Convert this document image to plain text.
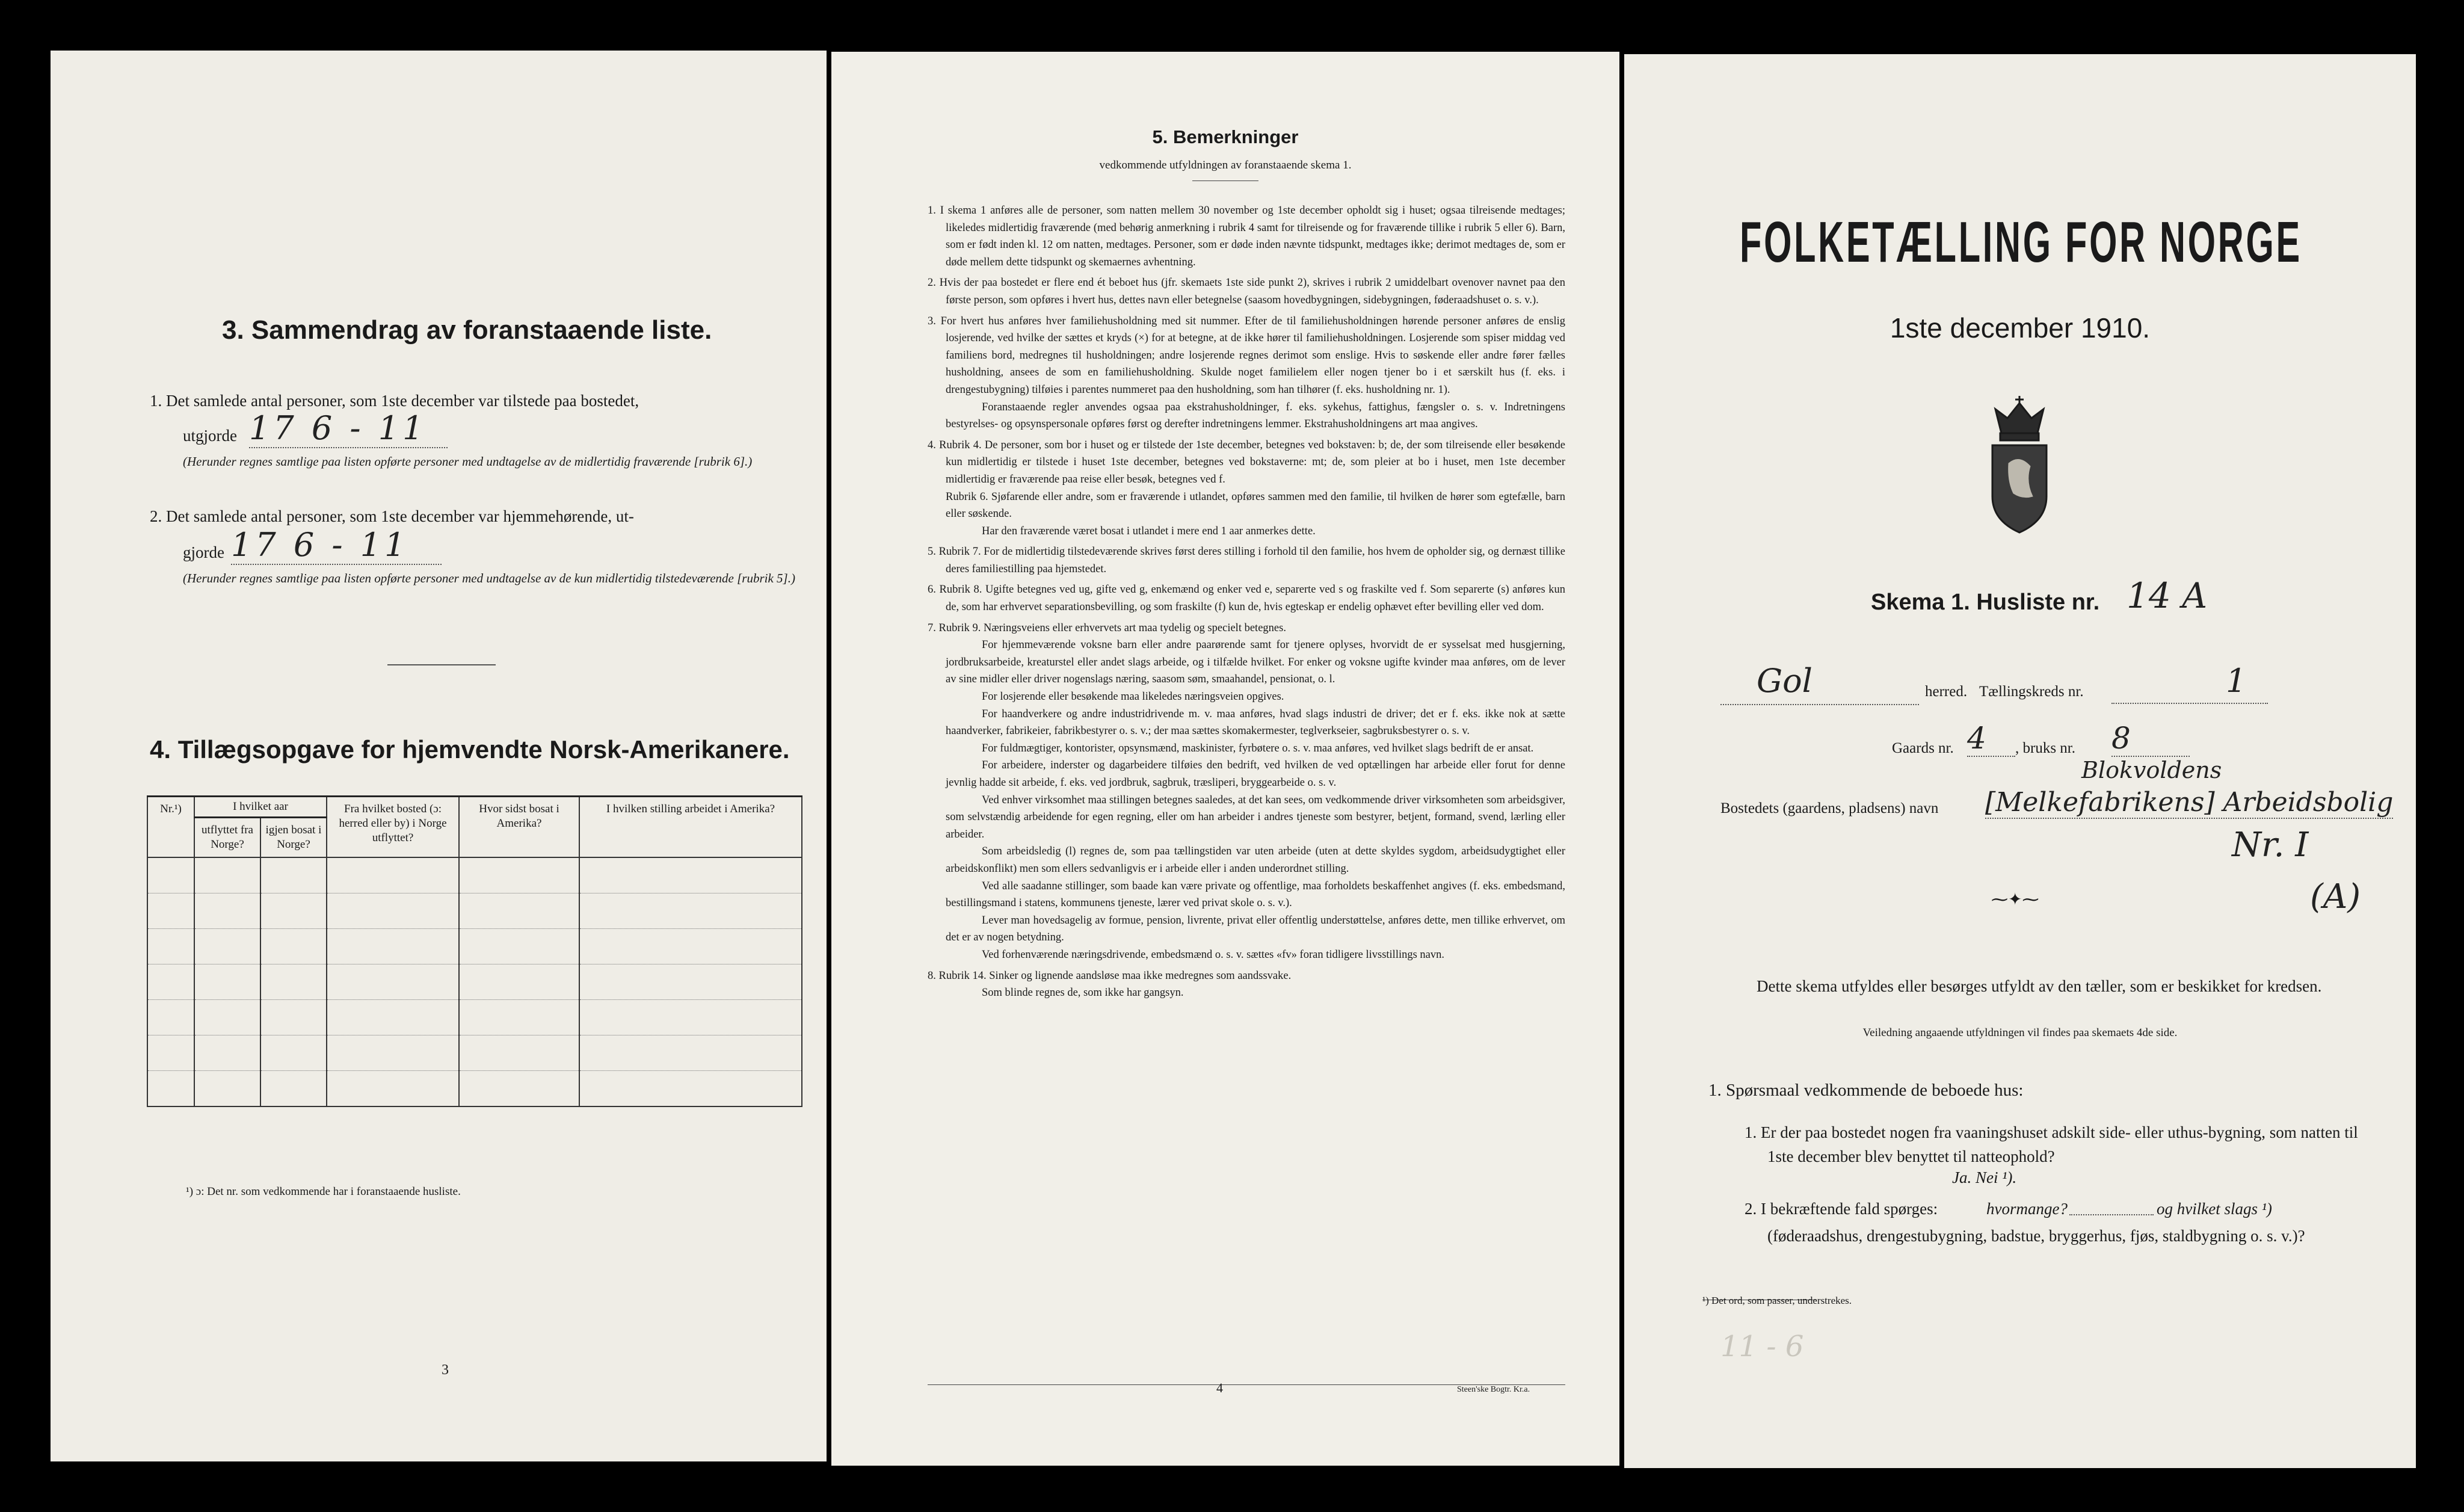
3. Sammendrag av foranstaaende liste.
1. Det samlede antal personer, som 1ste december var tilstede paa bostedet,
utgjorde 17 6 - 11
(Herunder regnes samtlige paa listen opførte personer med undtagelse av de midlertidig fraværende [rubrik 6].)
2. Det samlede antal personer, som 1ste december var hjemmehørende, ut-
gjorde 17 6 - 11
(Herunder regnes samtlige paa listen opførte personer med undtagelse av de kun midlertidig tilstedeværende [rubrik 5].)
4. Tillægsopgave for hjemvendte Norsk-Amerikanere.
Nr.¹)	I hvilket aar		Fra hvilket bosted (ɔ: herred eller by) i Norge utflyttet?	Hvor sidst bosat i Amerika?	I hvilken stilling arbeidet i Amerika?
	utflyttet fra Norge?	igjen bosat i Norge?			

¹) ɔ: Det nr. som vedkommende har i foranstaaende husliste.
3
5. Bemerkninger
vedkommende utfyldningen av foranstaaende skema 1.

1. I skema 1 anføres alle de personer, som natten mellem 30 november og 1ste december opholdt sig i huset; ogsaa tilreisende medtages; likeledes midlertidig fraværende (med behørig anmerkning i rubrik 4 samt for tilreisende og for fraværende tillike i rubrik 5 eller 6). Barn, som er født inden kl. 12 om natten, medtages. Personer, som er døde inden nævnte tidspunkt, medtages ikke; derimot medtages de, som er døde mellem dette tidspunkt og skemaernes avhentning.

2. Hvis der paa bostedet er flere end ét beboet hus (jfr. skemaets 1ste side punkt 2), skrives i rubrik 2 umiddelbart ovenover navnet paa den første person, som opføres i hvert hus, dettes navn eller betegnelse (saasom hovedbygningen, sidebygningen, føderaadshuset o. s. v.).

3. For hvert hus anføres hver familiehusholdning med sit nummer. Efter de til familiehusholdningen hørende personer anføres de enslig losjerende, ved hvilke der sættes et kryds (×) for at betegne, at de ikke hører til familiehusholdningen. Losjerende som spiser middag ved familiens bord, medregnes til husholdningen; andre losjerende regnes derimot som enslige. Hvis to søskende eller andre fører fælles husholdning, ansees de som en familiehusholdning. Skulde noget familielem eller nogen tjener bo i et særskilt hus (f. eks. i drengestubygning) tilføies i parentes nummeret paa den husholdning, som han tilhører (f. eks. husholdning nr. 1).

Foranstaaende regler anvendes ogsaa paa ekstrahusholdninger, f. eks. sykehus, fattighus, fængsler o. s. v. Indretningens bestyrelses- og opsynspersonale opføres først og derefter indretningens lemmer. Ekstrahusholdningens art maa angives.

4. Rubrik 4. De personer, som bor i huset og er tilstede der 1ste december, betegnes ved bokstaven: b; de, der som tilreisende eller besøkende kun midlertidig er tilstede i huset 1ste december, betegnes ved bokstaverne: mt; de, som pleier at bo i huset, men 1ste december midlertidig er fraværende paa reise eller besøk, betegnes ved f.

Rubrik 6. Sjøfarende eller andre, som er fraværende i utlandet, opføres sammen med den familie, til hvilken de hører som egtefælle, barn eller søskende.

Har den fraværende været bosat i utlandet i mere end 1 aar anmerkes dette.

5. Rubrik 7. For de midlertidig tilstedeværende skrives først deres stilling i forhold til den familie, hos hvem de opholder sig, og dernæst tillike deres familiestilling paa hjemstedet.

6. Rubrik 8. Ugifte betegnes ved ug, gifte ved g, enkemænd og enker ved e, separerte ved s og fraskilte ved f. Som separerte (s) anføres kun de, som har erhvervet separationsbevilling, og som fraskilte (f) kun de, hvis egteskap er endelig ophævet efter bevilling eller ved dom.

7. Rubrik 9. Næringsveiens eller erhvervets art maa tydelig og specielt betegnes.

For hjemmeværende voksne barn eller andre paarørende samt for tjenere oplyses, hvorvidt de er sysselsat med husgjerning, jordbruksarbeide, kreaturstel eller andet slags arbeide, og i tilfælde hvilket. For enker og voksne ugifte kvinder maa anføres, om de lever av sine midler eller driver nogenslags næring, saasom søm, smaahandel, pensionat, o. l.

For losjerende eller besøkende maa likeledes næringsveien opgives.

For haandverkere og andre industridrivende m. v. maa anføres, hvad slags industri de driver; det er f. eks. ikke nok at sætte haandverker, fabrikeier, fabrikbestyrer o. s. v.; der maa sættes skomakermester, teglverkseier, sagbruksbestyrer o. s. v.

For fuldmægtiger, kontorister, opsynsmænd, maskinister, fyrbøtere o. s. v. maa anføres, ved hvilket slags bedrift de er ansat.

For arbeidere, inderster og dagarbeidere tilføies den bedrift, ved hvilken de ved optællingen har arbeide eller forut for denne jevnlig hadde sit arbeide, f. eks. ved jordbruk, sagbruk, træsliperi, bryggearbeide o. s. v.

Ved enhver virksomhet maa stillingen betegnes saaledes, at det kan sees, om vedkommende driver virksomheten som arbeidsgiver, som selvstændig arbeidende for egen regning, eller om han arbeider i andres tjeneste som bestyrer, betjent, formand, svend, lærling eller arbeider.

Som arbeidsledig (l) regnes de, som paa tællingstiden var uten arbeide (uten at dette skyldes sygdom, arbeidsudygtighet eller arbeidskonflikt) men som ellers sedvanligvis er i arbeide eller i anden underordnet stilling.

Ved alle saadanne stillinger, som baade kan være private og offentlige, maa forholdets beskaffenhet angives (f. eks. embedsmand, bestillingsmand i statens, kommunens tjeneste, lærer ved privat skole o. s. v.).

Lever man hovedsagelig av formue, pension, livrente, privat eller offentlig understøttelse, anføres dette, men tillike erhvervet, om det er av nogen betydning.

Ved forhenværende næringsdrivende, embedsmænd o. s. v. sættes «fv» foran tidligere livsstillings navn.

8. Rubrik 14. Sinker og lignende aandsløse maa ikke medregnes som aandssvake.

Som blinde regnes de, som ikke har gangsyn.

4	Steen'ske Bogtr. Kr.a.
FOLKETÆLLING FOR NORGE
1ste december 1910.
Skema 1. Husliste nr. 14 A
Gol	herred. Tællingskreds nr.	1
Gaards nr. 4	, bruks nr. 8
Bostedets (gaardens, pladsens) navn
Blokvoldens
[Melkefabrikens] Arbeidsbolig
Nr. I
(A)
⁓✦⁓
Dette skema utfyldes eller besørges utfyldt av den tæller, som er beskikket for kredsen.
Veiledning angaaende utfyldningen vil findes paa skemaets 4de side.
1. Spørsmaal vedkommende de beboede hus:
1. Er der paa bostedet nogen fra vaaningshuset adskilt side- eller uthus-bygning, som natten til 1ste december blev benyttet til natteophold?
Ja. Nei ¹).
2. I bekræftende fald spørges:	hvormange?	og hvilket slags ¹)
(føderaadshus, drengestubygning, badstue, bryggerhus, fjøs, staldbygning o. s. v.)?
¹) Det ord, som passer, understrekes.
11 - 6
